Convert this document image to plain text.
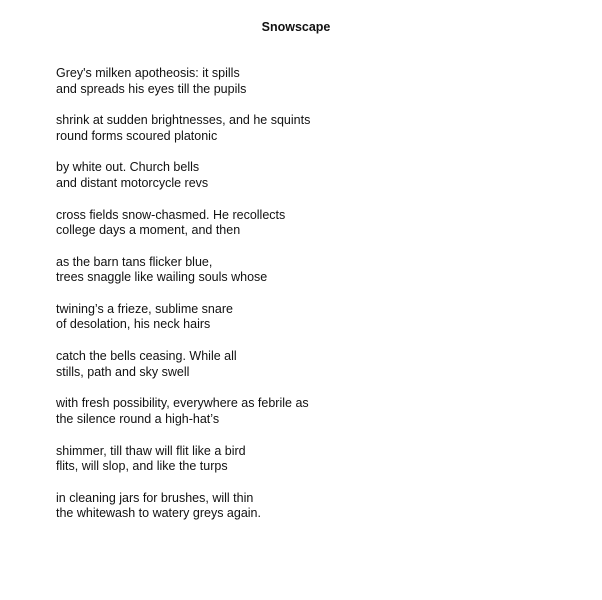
Snowscape
Grey's milken apotheosis: it spills
and spreads his eyes till the pupils
shrink at sudden brightnesses, and he squints
round forms scoured platonic
by white out. Church bells
and distant motorcycle revs
cross fields snow-chasmed. He recollects
college days a moment, and then
as the barn tans flicker blue,
trees snaggle like wailing souls whose
twining’s a frieze, sublime snare
of desolation, his neck hairs
catch the bells ceasing. While all
stills, path and sky swell
with fresh possibility, everywhere as febrile as
the silence round a high-hat’s
shimmer, till thaw will flit like a bird
flits, will slop, and like the turps
in cleaning jars for brushes, will thin
the whitewash to watery greys again.
